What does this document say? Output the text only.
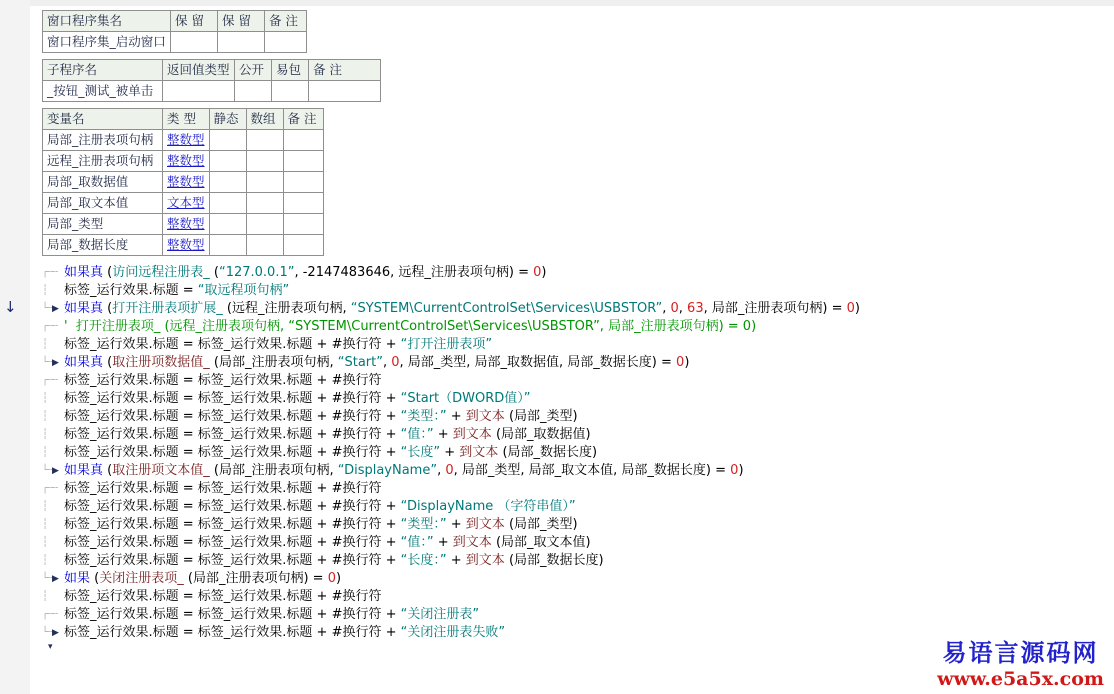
↓
窗口程序集名	保 留	保 留	备 注
窗口程序集_启动窗口			
子程序名	返回值类型	公开	易包	备 注
_按钮_测试_被单击				
变量名	类 型	静态	数组	备 注
局部_注册表项句柄	整数型			
远程_注册表项句柄	整数型			
局部_取数据值	整数型			
局部_取文本值	文本型			
局部_类型	整数型			
局部_数据长度	整数型			
┌╌╌ 如果真 ( 访问远程注册表_ ( “127.0.0.1” , -2147483646 , 远程_注册表项句柄) = 0 )
┆	标签_运行效果.标题 = “取远程项句柄”
└╌▶ 如果真 ( 打开注册表项扩展_ (远程_注册表项句柄, “SYSTEM\CurrentControlSet\Services\USBSTOR” , 0 , 63 , 局部_注册表项句柄) = 0 )
┌╌╌ '  打开注册表项_ (远程_注册表项句柄, “SYSTEM\CurrentControlSet\Services\USBSTOR”, 局部_注册表项句柄) = 0)
┆	标签_运行效果.标题 = 标签_运行效果.标题 + #换行符 + “打开注册表项”
└╌▶ 如果真 ( 取注册项数据值_ (局部_注册表项句柄, “Start” , 0 , 局部_类型, 局部_取数据值, 局部_数据长度) = 0 )
┌╌╌ 标签_运行效果.标题 = 标签_运行效果.标题 + #换行符
┆	标签_运行效果.标题 = 标签_运行效果.标题 + #换行符 + “Start（DWORD值）”
┆	标签_运行效果.标题 = 标签_运行效果.标题 + #换行符 + “类型：” + 到文本 (局部_类型)
┆	标签_运行效果.标题 = 标签_运行效果.标题 + #换行符 + “值：” + 到文本 (局部_取数据值)
┆	标签_运行效果.标题 = 标签_运行效果.标题 + #换行符 + “长度” + 到文本 (局部_数据长度)
└╌▶ 如果真 ( 取注册项文本值_ (局部_注册表项句柄, “DisplayName” , 0 , 局部_类型, 局部_取文本值, 局部_数据长度) = 0 )
┌╌╌ 标签_运行效果.标题 = 标签_运行效果.标题 + #换行符
┆	标签_运行效果.标题 = 标签_运行效果.标题 + #换行符 + “DisplayName （字符串值）”
┆	标签_运行效果.标题 = 标签_运行效果.标题 + #换行符 + “类型：” + 到文本 (局部_类型)
┆	标签_运行效果.标题 = 标签_运行效果.标题 + #换行符 + “值：” + 到文本 (局部_取文本值)
┆	标签_运行效果.标题 = 标签_运行效果.标题 + #换行符 + “长度：” + 到文本 (局部_数据长度)
└╌▶ 如果 ( 关闭注册表项_ (局部_注册表项句柄) = 0 )
┆	标签_运行效果.标题 = 标签_运行效果.标题 + #换行符
┌╌╌ 标签_运行效果.标题 = 标签_运行效果.标题 + #换行符 + “关闭注册表”
└╌▶ 标签_运行效果.标题 = 标签_运行效果.标题 + #换行符 + “关闭注册表失败”
▾	易语言源码网
www.e5a5x.com
